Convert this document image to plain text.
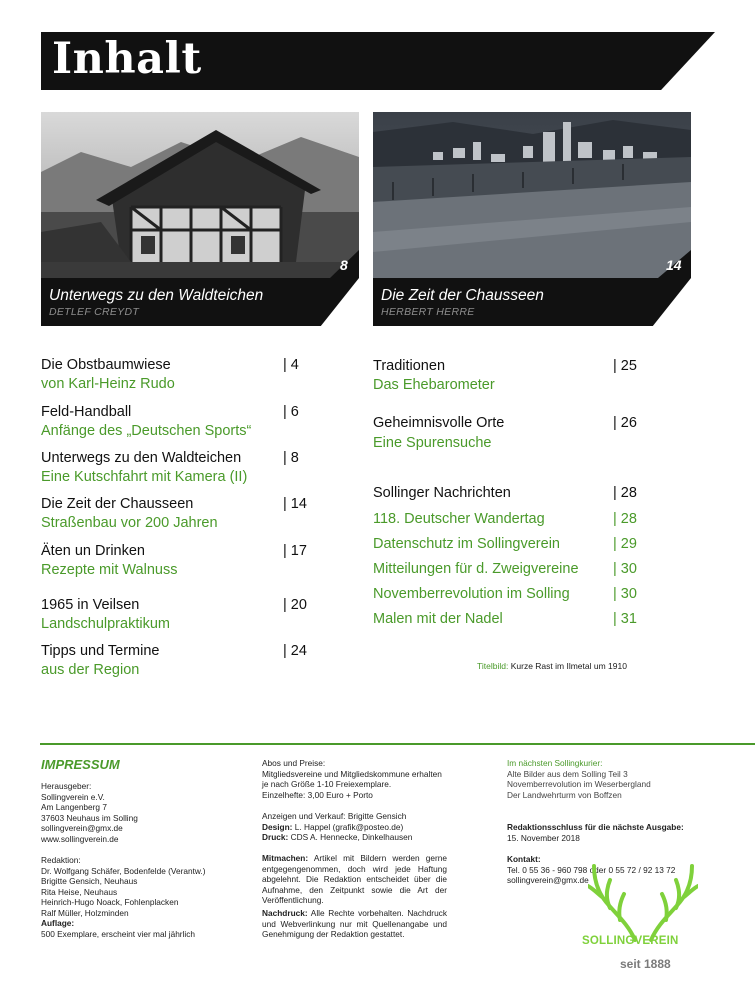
Inhalt
8
Unterwegs zu den Waldteichen
DETLEF CREYDT
14
Die Zeit der Chausseen
HERBERT HERRE
Die Obstbaumwiese	| 4
von Karl-Heinz Rudo
Feld-Handball	| 6
Anfänge des „Deutschen Sports“
Unterwegs zu den Waldteichen	| 8
Eine Kutschfahrt mit Kamera (II)
Die Zeit der Chausseen	| 14
Straßenbau vor 200 Jahren
Äten un Drinken	| 17
Rezepte mit Walnuss
1965 in Veilsen	| 20
Landschulpraktikum
Tipps und Termine	| 24
aus der Region
Traditionen	| 25
Das Ehebarometer
Geheimnisvolle Orte	| 26
Eine Spurensuche
Sollinger Nachrichten	| 28
118. Deutscher Wandertag	| 28
Datenschutz im Sollingverein	| 29
Mitteilungen für d. Zweigvereine | 30
Novemberrevolution im Solling	| 30
Malen mit der Nadel	| 31
Titelbild: Kurze Rast im Ilmetal um 1910
IMPRESSUM
Herausgeber:
Sollingverein e.V.
Am Langenberg 7
37603 Neuhaus im Solling
sollingverein@gmx.de
www.sollingverein.de
Redaktion:
Dr. Wolfgang Schäfer, Bodenfelde (Verantw.)
Brigitte Gensich, Neuhaus
Rita Heise, Neuhaus
Heinrich-Hugo Noack, Fohlenplacken
Ralf Müller, Holzminden
Auflage:
500 Exemplare, erscheint vier mal jährlich
Abos und Preise:
Mitgliedsvereine und Mitgliedskommune erhalten
je nach Größe 1-10 Freiexemplare.
Einzelhefte: 3,00 Euro + Porto
Anzeigen und Verkauf: Brigitte Gensich
Design: L. Happel (grafik@posteo.de)
Druck: CDS A. Hennecke, Dinkelhausen
Mitmachen: Artikel mit Bildern werden gerne entgegengenommen, doch wird jede Haftung abgelehnt. Die Redaktion entscheidet über die Aufnahme, den Zeitpunkt sowie die Art der Veröffentlichung.
Nachdruck: Alle Rechte vorbehalten. Nachdruck und Webverlinkung nur mit Quellenangabe und Genehmigung der Redaktion gestattet.
Im nächsten Sollingkurier:
Alte Bilder aus dem Solling Teil 3
Novemberrevolution im Weserbergland
Der Landwehrturm von Boffzen
Redaktionsschluss für die nächste Ausgabe:
15. November 2018
Kontakt:
Tel. 0 55 36 - 960 798 oder 0 55 72 / 92 13 72
sollingverein@gmx.de
SOLLINGVEREIN
seit 1888
